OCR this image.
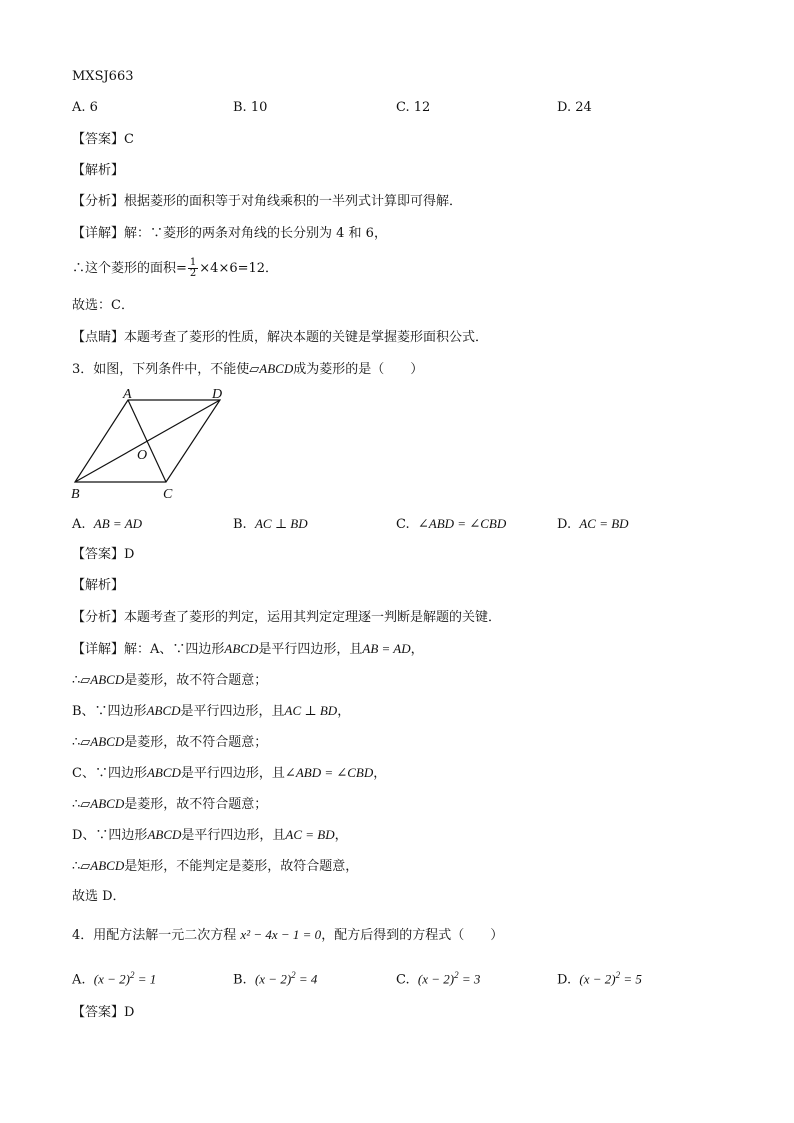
MXSJ663
A. 6	B. 10	C. 12	D. 24
【答案】C
【解析】
【分析】根据菱形的面积等于对角线乘积的一半列式计算即可得解．
【详解】解：∵菱形的两条对角线的长分别为 4 和 6，
∴这个菱形的面积= $\frac{1}{2} \times 4\times 6=12$．
故选：C．
【点睛】本题考查了菱形的性质，解决本题的关键是掌握菱形面积公式．
3．如图，下列条件中，不能使▱ABCD成为菱形的是（　　）
A	D
O
B	C
A. AB = AD	B. AC ⊥ BD	C. ∠ABD = ∠CBD	D. AC = BD
【答案】D
【解析】
【分析】本题考查了菱形的判定，运用其判定定理逐一判断是解题的关键．
【详解】解：A、∵四边形ABCD是平行四边形，且AB = AD，
∴▱ABCD是菱形，故不符合题意；
B、∵四边形ABCD是平行四边形，且AC ⊥ BD，
∴▱ABCD是菱形，故不符合题意；
C、∵四边形ABCD是平行四边形，且∠ABD = ∠CBD，
∴▱ABCD是菱形，故不符合题意；
D、∵四边形ABCD是平行四边形，且AC = BD，
∴▱ABCD是矩形，不能判定是菱形，故符合题意，
故选 D．
4．用配方法解一元二次方程 x² − 4x − 1 = 0，配方后得到的方程式（　　）
A. $(x - 2)^2 = 1$	B. $(x - 2)^2 = 4$	C. $(x - 2)^2 = 3$	D. $(x - 2)^2 = 5$
【答案】D
